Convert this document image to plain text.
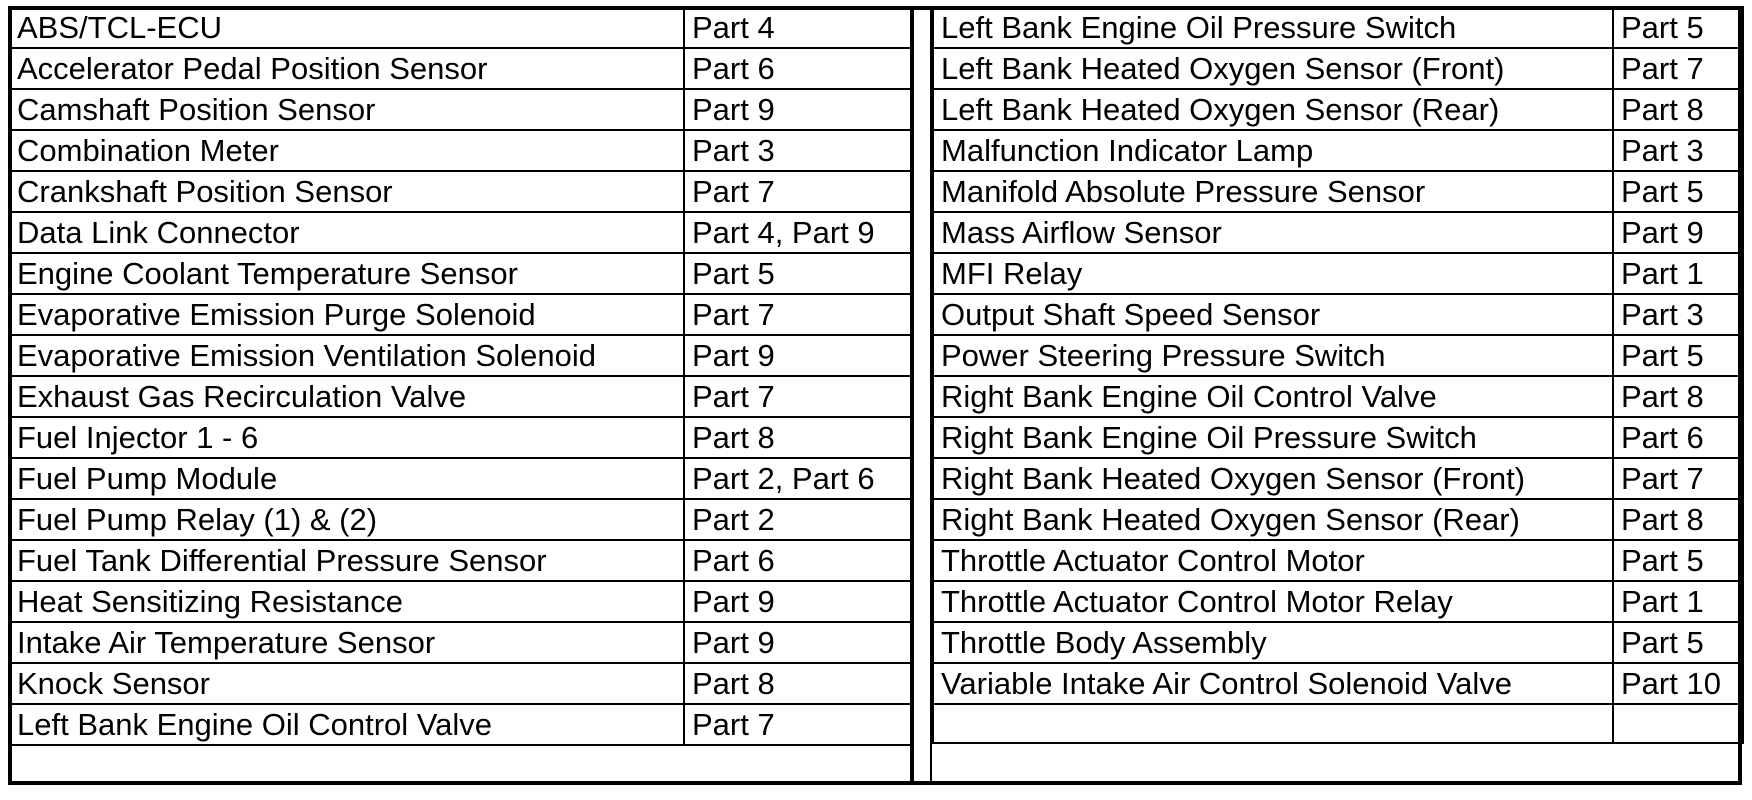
ABS/TCL-ECU	Part 4
Accelerator Pedal Position Sensor	Part 6
Camshaft Position Sensor	Part 9
Combination Meter	Part 3
Crankshaft Position Sensor	Part 7
Data Link Connector	Part 4, Part 9
Engine Coolant Temperature Sensor	Part 5
Evaporative Emission Purge Solenoid	Part 7
Evaporative Emission Ventilation Solenoid	Part 9
Exhaust Gas Recirculation Valve	Part 7
Fuel Injector 1 - 6	Part 8
Fuel Pump Module	Part 2, Part 6
Fuel Pump Relay (1) & (2)	Part 2
Fuel Tank Differential Pressure Sensor	Part 6
Heat Sensitizing Resistance	Part 9
Intake Air Temperature Sensor	Part 9
Knock Sensor	Part 8
Left Bank Engine Oil Control Valve	Part 7
Left Bank Engine Oil Pressure Switch	Part 5
Left Bank Heated Oxygen Sensor (Front)	Part 7
Left Bank Heated Oxygen Sensor (Rear)	Part 8
Malfunction Indicator Lamp	Part 3
Manifold Absolute Pressure Sensor	Part 5
Mass Airflow Sensor	Part 9
MFI Relay	Part 1
Output Shaft Speed Sensor	Part 3
Power Steering Pressure Switch	Part 5
Right Bank Engine Oil Control Valve	Part 8
Right Bank Engine Oil Pressure Switch	Part 6
Right Bank Heated Oxygen Sensor (Front)	Part 7
Right Bank Heated Oxygen Sensor (Rear)	Part 8
Throttle Actuator Control Motor	Part 5
Throttle Actuator Control Motor Relay	Part 1
Throttle Body Assembly	Part 5
Variable Intake Air Control Solenoid Valve	Part 10
